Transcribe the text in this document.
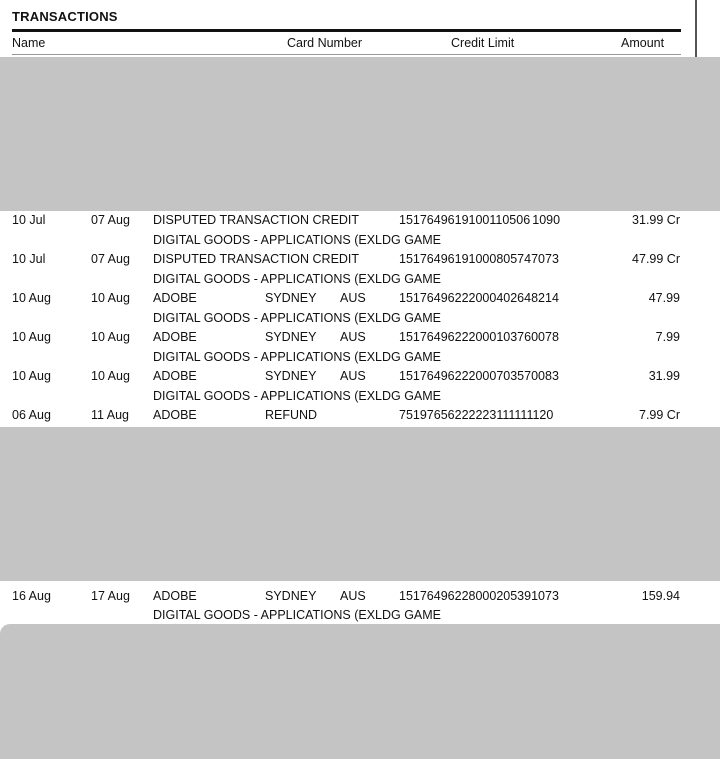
TRANSACTIONS
Name	Card Number	Credit Limit	Amount
10 Jul	07 Aug DISPUTED TRANSACTION CREDIT	1517649619100110506 1090	31.99 Cr
DIGITAL GOODS - APPLICATIONS (EXLDG GAME
10 Jul	07 Aug DISPUTED TRANSACTION CREDIT	15176496191000805747073	47.99 Cr
DIGITAL GOODS - APPLICATIONS (EXLDG GAME
10 Aug	10 Aug ADOBE	SYDNEY AUS	15176496222000402648214	47.99
DIGITAL GOODS - APPLICATIONS (EXLDG GAME
10 Aug	10 Aug ADOBE	SYDNEY AUS	15176496222000103760078	7.99
DIGITAL GOODS - APPLICATIONS (EXLDG GAME
10 Aug	10 Aug ADOBE	SYDNEY AUS	15176496222000703570083	31.99
DIGITAL GOODS - APPLICATIONS (EXLDG GAME
06 Aug	11 Aug ADOBE	REFUND	75197656222223111111120	7.99 Cr
16 Aug	17 Aug ADOBE	SYDNEY AUS	15176496228000205391073	159.94
DIGITAL GOODS - APPLICATIONS (EXLDG GAME
